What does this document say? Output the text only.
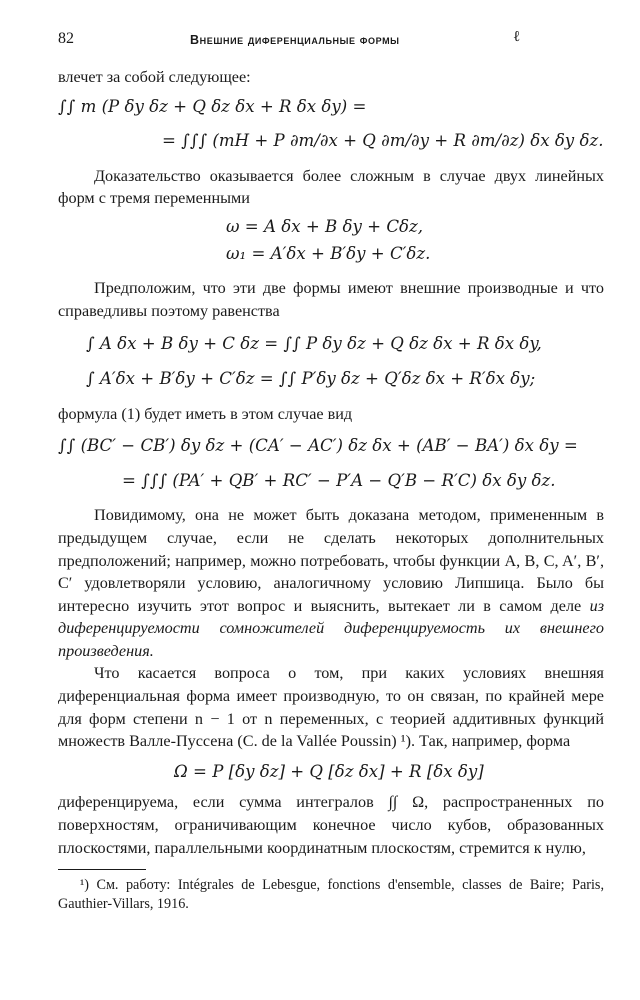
82	Внешние диференциальные формы	ℓ

влечет за собой следующее:

∫∫ m (P δy δz + Q δz δx + R δx δy) =
= ∫∫∫ (mH + P ∂m/∂x + Q ∂m/∂y + R ∂m/∂z) δx δy δz.

Доказательство оказывается более сложным в случае двух линейных форм с тремя переменными

ω = A δx + B δy + Cδz,
ω₁ = A′δx + B′δy + C′δz.

Предположим, что эти две формы имеют внешние производные и что справедливы поэтому равенства

∫ A δx + B δy + C δz = ∫∫ P δy δz + Q δz δx + R δx δy,
∫ A′δx + B′δy + C′δz = ∫∫ P′δy δz + Q′δz δx + R′δx δy;

формула (1) будет иметь в этом случае вид

∫∫ (BC′ − CB′) δy δz + (CA′ − AC′) δz δx + (AB′ − BA′) δx δy =
= ∫∫∫ (PA′ + QB′ + RC′ − P′A − Q′B − R′C) δx δy δz.

Повидимому, она не может быть доказана методом, примененным в предыдущем случае, если не сделать некоторых дополнительных предположений; например, можно потребовать, чтобы функции A, B, C, A′, B′, C′ удовлетворяли условию, аналогичному условию Липшица. Было бы интересно изучить этот вопрос и выяснить, вытекает ли в самом деле из диференцируемости сомножителей диференцируемость их внешнего произведения.

Что касается вопроса о том, при каких условиях внешняя диференциальная форма имеет производную, то он связан, по крайней мере для форм степени n − 1 от n переменных, с теорией аддитивных функций множеств Валле-Пуссена (C. de la Vallée Poussin) ¹). Так, например, форма

Ω = P [δy δz] + Q [δz δx] + R [δx δy]

диференцируема, если сумма интегралов ∫∫ Ω, распространенных по поверхностям, ограничивающим конечное число кубов, образованных плоскостями, параллельными координатным плоскостям, стремится к нулю,

¹) См. работу: Intégrales de Lebesgue, fonctions d'ensemble, classes de Baire; Paris, Gauthier-Villars, 1916.
